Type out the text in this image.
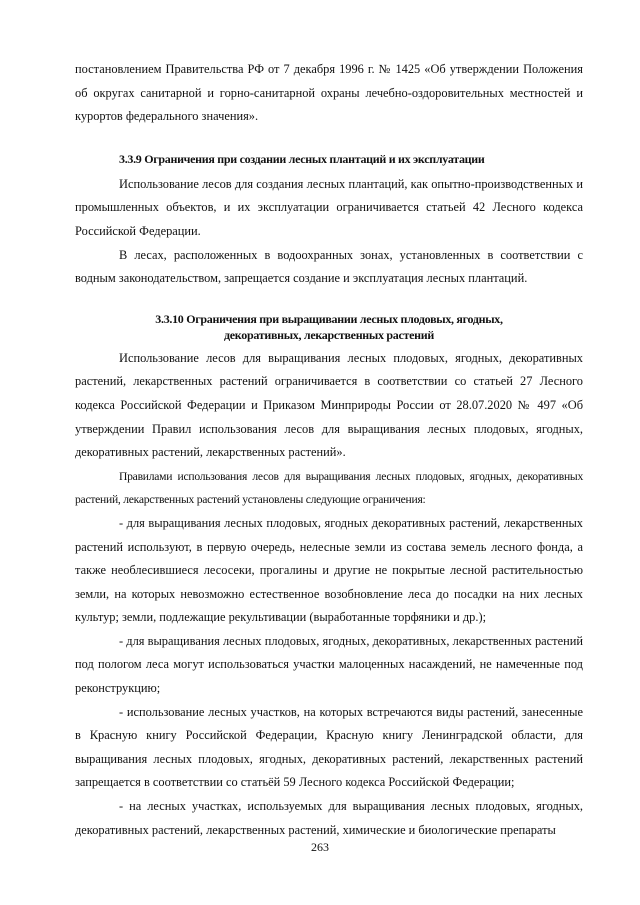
постановлением Правительства РФ от 7 декабря 1996 г. № 1425 «Об утверждении Положения об округах санитарной и горно-санитарной охраны лечебно-оздоровительных местностей и курортов федерального значения».

3.3.9 Ограничения при создании лесных плантаций и их эксплуатации

Использование лесов для создания лесных плантаций, как опытно-производственных и промышленных объектов, и их эксплуатации ограничивается статьей 42 Лесного кодекса Российской Федерации.

В лесах, расположенных в водоохранных зонах, установленных в соответствии с водным законодательством, запрещается создание и эксплуатация лесных плантаций.

3.3.10 Ограничения при выращивании лесных плодовых, ягодных,
декоративных, лекарственных растений

Использование лесов для выращивания лесных плодовых, ягодных, декоративных растений, лекарственных растений ограничивается в соответствии со статьей 27 Лесного кодекса Российской Федерации и Приказом Минприроды России от 28.07.2020 № 497 «Об утверждении Правил использования лесов для выращивания лесных плодовых, ягодных, декоративных растений, лекарственных растений».

Правилами использования лесов для выращивания лесных плодовых, ягодных, декоративных растений, лекарственных растений установлены следующие ограничения:

- для выращивания лесных плодовых, ягодных декоративных растений, лекарственных растений используют, в первую очередь, нелесные земли из состава земель лесного фонда, а также необлесившиеся лесосеки, прогалины и другие не покрытые лесной растительностью земли, на которых невозможно естественное возобновление леса до посадки на них лесных культур; земли, подлежащие рекультивации (выработанные торфяники и др.);

- для выращивания лесных плодовых, ягодных, декоративных, лекарственных растений под пологом леса могут использоваться участки малоценных насаждений, не намеченные под реконструкцию;

- использование лесных участков, на которых встречаются виды растений, занесенные в Красную книгу Российской Федерации, Красную книгу Ленинградской области, для выращивания лесных плодовых, ягодных, декоративных растений, лекарственных растений запрещается в соответствии со статьёй 59 Лесного кодекса Российской Федерации;

- на лесных участках, используемых для выращивания лесных плодовых, ягодных, декоративных растений, лекарственных растений, химические и биологические препараты

263
